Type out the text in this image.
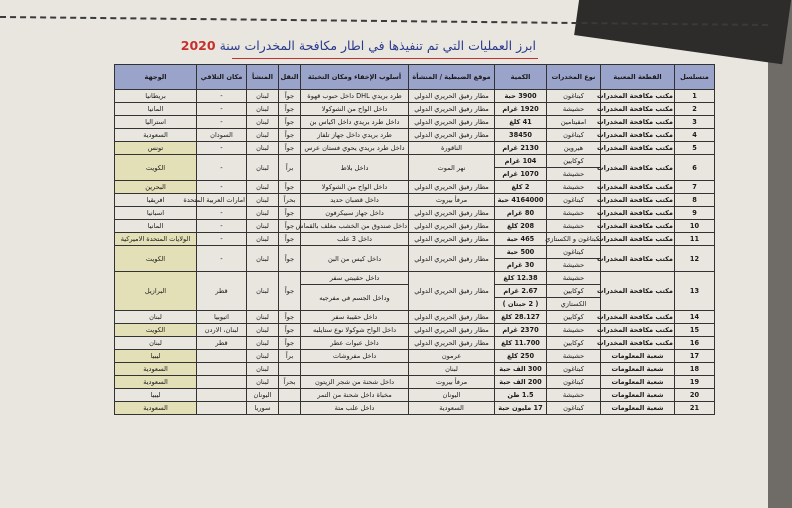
ابرز العمليات التي تم تنفيذها في اطار مكافحة المخدرات سنة 2020
متسلسل	القطعة المعنية	نوع المخدرات	الكمية	موقع الضبطية / المنشأة	أسلوب الإخفاء ومكان التخبئة	النقل	المنشأ	مكان التلاقي	الوجهة
1	مكتب مكافحة المخدرات	كبتاغون	3900 حبة	مطار رفيق الحريري الدولي	طرد بريدي DHL داخل حبوب قهوة	جواً	لبنان	-	بريطانيا
2	مكتب مكافحة المخدرات	حشيشة	1920 غرام	مطار رفيق الحريري الدولي	داخل الواح من الشوكولا	جواً	لبنان	-	المانيا
3	مكتب مكافحة المخدرات	امفيتامين	41 كلغ	مطار رفيق الحريري الدولي	داخل طرد بريدي داخل اكياس بن	جواً	لبنان	-	استراليا
4	مكتب مكافحة المخدرات	كبتاغون	38450	مطار رفيق الحريري الدولي	طرد بريدي داخل جهاز تلفاز	جواً	لبنان	السودان	السعودية
5	مكتب مكافحة المخدرات	هيروين	2130 غرام	الناقورة	داخل طرد بريدي يحوي فستان عرس	جواً	لبنان	-	تونس
6	مكتب مكافحة المخدرات	كوكايين	104 غرام	نهر الموت	داخل بلاط	براً	لبنان	-	الكويت
		حشيشة	1070 غرام						
7	مكتب مكافحة المخدرات	حشيشة	2 كلغ	مطار رفيق الحريري الدولي	داخل الواح من الشوكولا	جواً	لبنان	-	البحرين
8	مكتب مكافحة المخدرات	كبتاغون	4164000 حبة	مرفأ بيروت	داخل قضبان حديد	بحراً	لبنان	امارات العربية المتحدة	افريقيا
9	مكتب مكافحة المخدرات	حشيشة	80 غرام	مطار رفيق الحريري الدولي	داخل جهاز سبيكرفون	جواً	لبنان	-	اسبانيا
10	مكتب مكافحة المخدرات	حشيشة	208 كلغ	مطار رفيق الحريري الدولي	داخل صندوق من الخشب مغلف بالقماش	جواً	لبنان	-	المانيا
11	مكتب مكافحة المخدرات	كبتاغون و الكستازي	465 حبة	مطار رفيق الحريري الدولي	داخل 3 علب	جواً	لبنان	-	الولايات المتحدة الاميركية
12	مكتب مكافحة المخدرات	كبتاغون	500 حبة	مطار رفيق الحريري الدولي	داخل كيس من البن	جواً	لبنان	-	الكويت
		حشيشة	30 غرام						
13	مكتب مكافحة المخدرات	حشيشة	12.38 كلغ	مطار رفيق الحريري الدولي	داخل حقيبتي سفر	جواً	لبنان	قطر	البرازيل
		كوكايين	2.67 غرام		وداخل الجسم في مفرجيه				
		الكستازي	( 2 حبتان )						
14	مكتب مكافحة المخدرات	كوكايين	28.127 كلغ	مطار رفيق الحريري الدولي	داخل حقيبة سفر	جواً	لبنان	اثيوبيا	لبنان
15	مكتب مكافحة المخدرات	حشيشة	2370 غرام	مطار رفيق الحريري الدولي	داخل الواح شوكولا نوع ستايلبه	جواً	لبنان	لبنان، الاردن	الكويت
16	مكتب مكافحة المخدرات	كوكايين	11.700 كلغ	مطار رفيق الحريري الدولي	داخل عبوات عطر	جواً	لبنان	قطر	لبنان
17	شعبة المعلومات	حشيشة	250 كلغ	عرمون	داخل مفروشات	براً	لبنان		ليبيا
18	شعبة المعلومات	كبتاغون	300 الف حبة	لبنان			لبنان		السعودية
19	شعبة المعلومات	كبتاغون	200 الف حبة	مرفأ بيروت	داخل شحنة من شجر الزيتون	بحراً	لبنان		السعودية
20	شعبة المعلومات	حشيشة	1.5 طن	اليونان	مخباة داخل شحنة من التمر		اليونان		ليبيا
21	شعبة المعلومات	كبتاغون	17 مليون حبة	السعودية	داخل علب متة		سوريا		السعودية
